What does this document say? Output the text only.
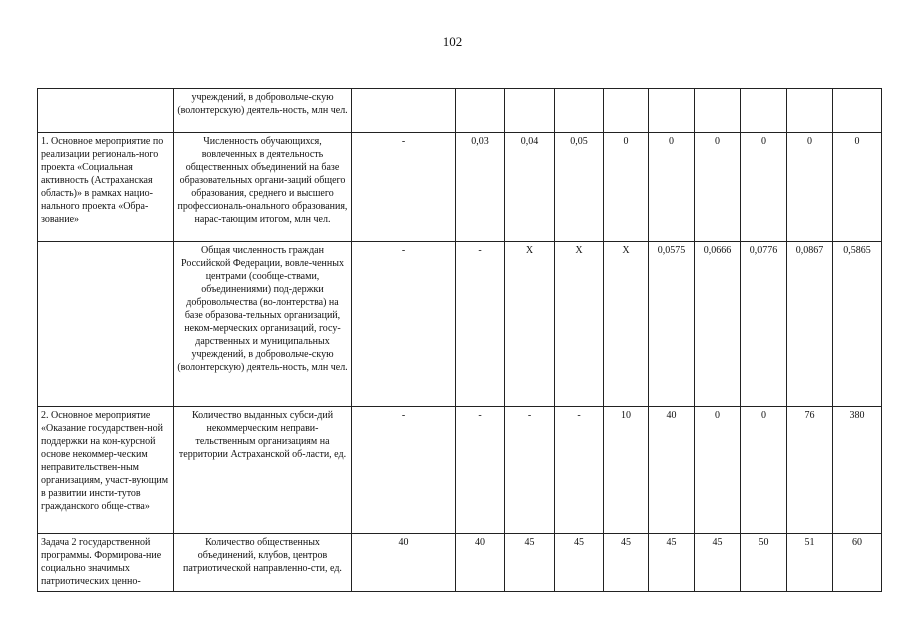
102
	учреждений, в добровольче-скую (волонтерскую) деятель-ность, млн чел.										
1. Основное мероприятие по реализации региональ-ного проекта «Социальная активность (Астраханская область)» в рамках нацио-нального проекта «Обра-зование»	Численность обучающихся, вовлеченных в деятельность общественных объединений на базе образовательных органи-заций общего образования, среднего и высшего профессиональ-онального образования, нарас-тающим итогом, млн чел.	-	0,03	0,04	0,05	0	0	0	0	0	0
	Общая численность граждан Российской Федерации, вовле-ченных центрами (сообще-ствами, объединениями) под-держки добровольчества (во-лонтерства) на базе образова-тельных организаций, неком-мерческих организаций, госу-дарственных и муниципальных учреждений, в добровольче-скую (волонтерскую) деятель-ность, млн чел.	-	-	X	X	X	0,0575	0,0666	0,0776	0,0867	0,5865
2. Основное мероприятие «Оказание государствен-ной поддержки на кон-курсной основе некоммер-ческим неправительствен-ным организациям, участ-вующим в развитии инсти-тутов гражданского обще-ства»	Количество выданных субси-дий некоммерческим неправи-тельственным организациям на территории Астраханской об-ласти, ед.	-	-	-	-	10	40	0	0	76	380
Задача 2 государственной программы. Формирова-ние социально значимых патриотических ценно-	Количество общественных объединений, клубов, центров патриотической направленно-сти, ед.	40	40	45	45	45	45	45	50	51	60
